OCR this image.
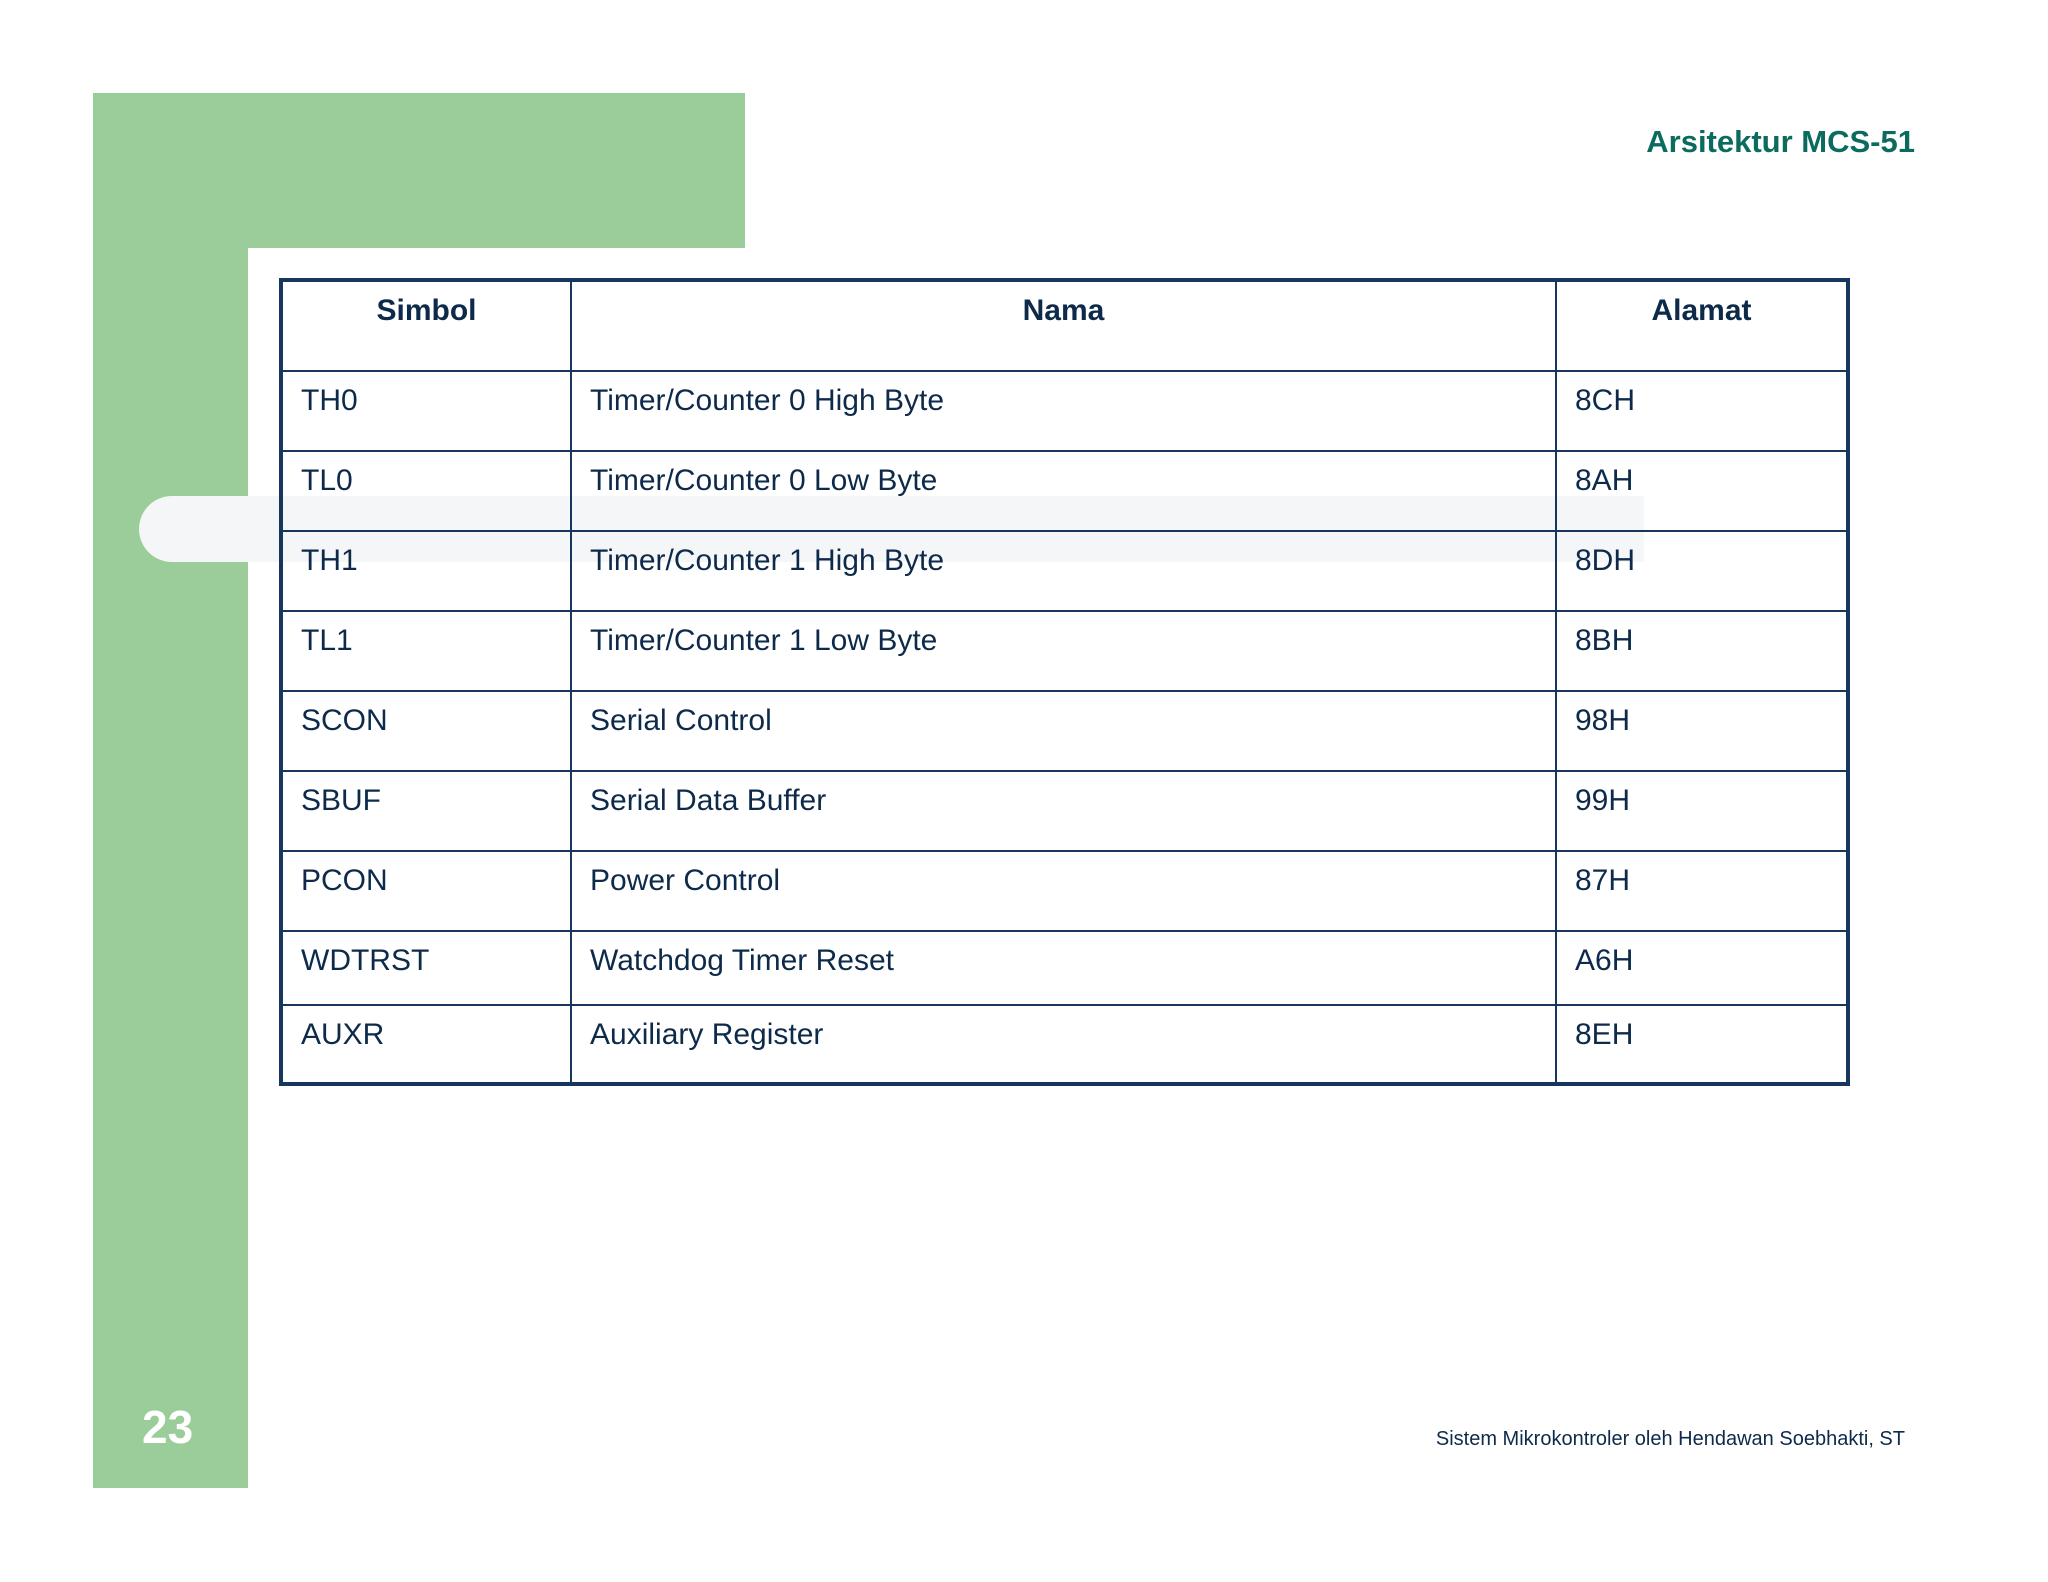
Arsitektur MCS-51
Simbol	Nama	Alamat
TH0	Timer/Counter 0 High Byte	8CH
TL0	Timer/Counter 0 Low Byte	8AH
TH1	Timer/Counter 1 High Byte	8DH
TL1	Timer/Counter 1 Low Byte	8BH
SCON	Serial Control	98H
SBUF	Serial Data Buffer	99H
PCON	Power Control	87H
WDTRST	Watchdog Timer Reset	A6H
AUXR	Auxiliary Register	8EH
23	Sistem Mikrokontroler oleh Hendawan Soebhakti, ST
